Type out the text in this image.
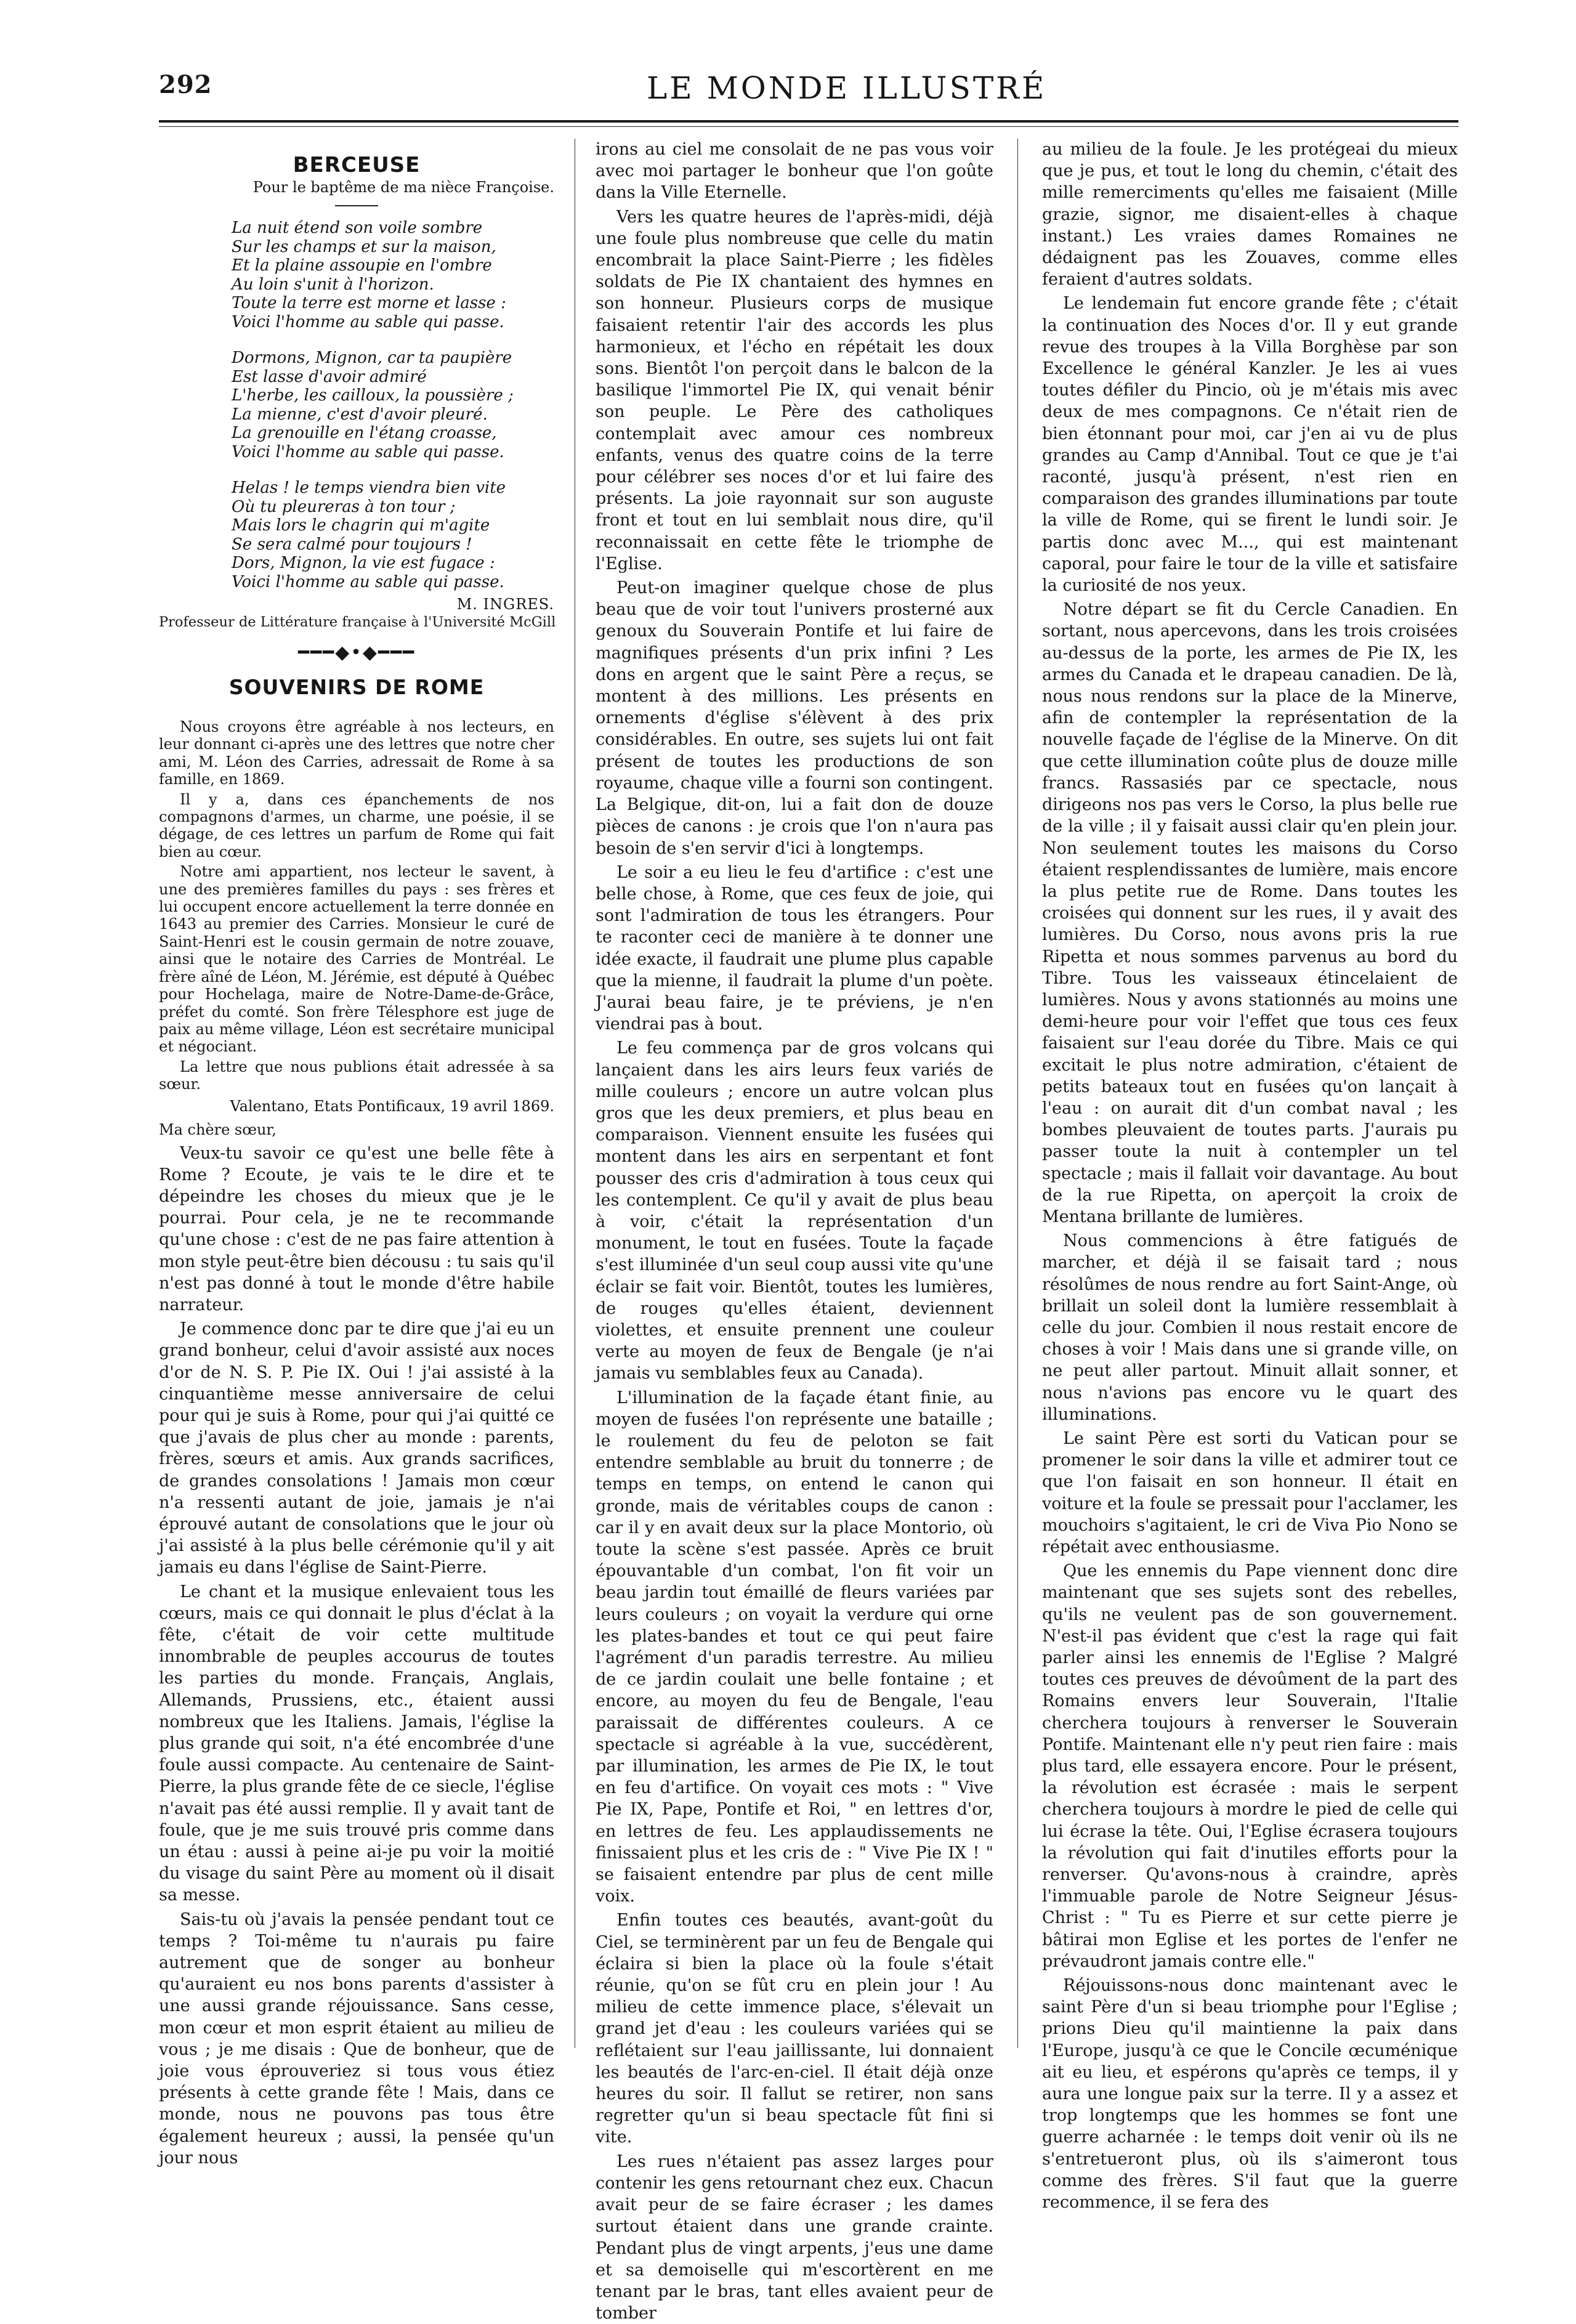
292	LE MONDE ILLUSTRÉ
BERCEUSE
Pour le baptême de ma nièce Françoise.
La nuit étend son voile sombre
Sur les champs et sur la maison,
Et la plaine assoupie en l'ombre
Au loin s'unit à l'horizon.
Toute la terre est morne et lasse :
Voici l'homme au sable qui passe.
Dormons, Mignon, car ta paupière
Est lasse d'avoir admiré
L'herbe, les cailloux, la poussière ;
La mienne, c'est d'avoir pleuré.
La grenouille en l'étang croasse,
Voici l'homme au sable qui passe.
Helas ! le temps viendra bien vite
Où tu pleureras à ton tour ;
Mais lors le chagrin qui m'agite
Se sera calmé pour toujours !
Dors, Mignon, la vie est fugace :
Voici l'homme au sable qui passe.
M. INGRES.
Professeur de Littérature française à l'Université McGill
━━━◆•◆━━━
SOUVENIRS DE ROME
Nous croyons être agréable à nos lecteurs, en leur donnant ci-après une des lettres que notre cher ami, M. Léon des Carries, adressait de Rome à sa famille, en 1869.
Il y a, dans ces épanchements de nos compagnons d'armes, un charme, une poésie, il se dégage, de ces lettres un parfum de Rome qui fait bien au cœur.
Notre ami appartient, nos lecteur le savent, à une des premières familles du pays : ses frères et lui occupent encore actuellement la terre donnée en 1643 au premier des Carries. Monsieur le curé de Saint-Henri est le cousin germain de notre zouave, ainsi que le notaire des Carries de Montréal. Le frère aîné de Léon, M. Jérémie, est député à Québec pour Hochelaga, maire de Notre-Dame-de-Grâce, préfet du comté. Son frère Télesphore est juge de paix au même village, Léon est secrétaire municipal et négociant.
La lettre que nous publions était adressée à sa sœur.
Valentano, Etats Pontificaux, 19 avril 1869.
Ma chère sœur,
Veux-tu savoir ce qu'est une belle fête à Rome ? Ecoute, je vais te le dire et te dépeindre les choses du mieux que je le pourrai. Pour cela, je ne te recommande qu'une chose : c'est de ne pas faire attention à mon style peut-être bien décousu : tu sais qu'il n'est pas donné à tout le monde d'être habile narrateur.
Je commence donc par te dire que j'ai eu un grand bonheur, celui d'avoir assisté aux noces d'or de N. S. P. Pie IX. Oui ! j'ai assisté à la cinquantième messe anniversaire de celui pour qui je suis à Rome, pour qui j'ai quitté ce que j'avais de plus cher au monde : parents, frères, sœurs et amis. Aux grands sacrifices, de grandes consolations ! Jamais mon cœur n'a ressenti autant de joie, jamais je n'ai éprouvé autant de consolations que le jour où j'ai assisté à la plus belle cérémonie qu'il y ait jamais eu dans l'église de Saint-Pierre.
Le chant et la musique enlevaient tous les cœurs, mais ce qui donnait le plus d'éclat à la fête, c'était de voir cette multitude innombrable de peuples accourus de toutes les parties du monde. Français, Anglais, Allemands, Prussiens, etc., étaient aussi nombreux que les Italiens. Jamais, l'église la plus grande qui soit, n'a été encombrée d'une foule aussi compacte. Au centenaire de Saint-Pierre, la plus grande fête de ce siecle, l'église n'avait pas été aussi remplie. Il y avait tant de foule, que je me suis trouvé pris comme dans un étau : aussi à peine ai-je pu voir la moitié du visage du saint Père au moment où il disait sa messe.
Sais-tu où j'avais la pensée pendant tout ce temps ? Toi-même tu n'aurais pu faire autrement que de songer au bonheur qu'auraient eu nos bons parents d'assister à une aussi grande réjouissance. Sans cesse, mon cœur et mon esprit étaient au milieu de vous ; je me disais : Que de bonheur, que de joie vous éprouveriez si tous vous étiez présents à cette grande fête ! Mais, dans ce monde, nous ne pouvons pas tous être également heureux ; aussi, la pensée qu'un jour nous
irons au ciel me consolait de ne pas vous voir avec moi partager le bonheur que l'on goûte dans la Ville Eternelle.
Vers les quatre heures de l'après-midi, déjà une foule plus nombreuse que celle du matin encombrait la place Saint-Pierre ; les fidèles soldats de Pie IX chantaient des hymnes en son honneur. Plusieurs corps de musique faisaient retentir l'air des accords les plus harmonieux, et l'écho en répétait les doux sons. Bientôt l'on perçoit dans le balcon de la basilique l'immortel Pie IX, qui venait bénir son peuple. Le Père des catholiques contemplait avec amour ces nombreux enfants, venus des quatre coins de la terre pour célébrer ses noces d'or et lui faire des présents. La joie rayonnait sur son auguste front et tout en lui semblait nous dire, qu'il reconnaissait en cette fête le triomphe de l'Eglise.
Peut-on imaginer quelque chose de plus beau que de voir tout l'univers prosterné aux genoux du Souverain Pontife et lui faire de magnifiques présents d'un prix infini ? Les dons en argent que le saint Père a reçus, se montent à des millions. Les présents en ornements d'église s'élèvent à des prix considérables. En outre, ses sujets lui ont fait présent de toutes les productions de son royaume, chaque ville a fourni son contingent. La Belgique, dit-on, lui a fait don de douze pièces de canons : je crois que l'on n'aura pas besoin de s'en servir d'ici à longtemps.
Le soir a eu lieu le feu d'artifice : c'est une belle chose, à Rome, que ces feux de joie, qui sont l'admiration de tous les étrangers. Pour te raconter ceci de manière à te donner une idée exacte, il faudrait une plume plus capable que la mienne, il faudrait la plume d'un poète. J'aurai beau faire, je te préviens, je n'en viendrai pas à bout.
Le feu commença par de gros volcans qui lançaient dans les airs leurs feux variés de mille couleurs ; encore un autre volcan plus gros que les deux premiers, et plus beau en comparaison. Viennent ensuite les fusées qui montent dans les airs en serpentant et font pousser des cris d'admiration à tous ceux qui les contemplent. Ce qu'il y avait de plus beau à voir, c'était la représentation d'un monument, le tout en fusées. Toute la façade s'est illuminée d'un seul coup aussi vite qu'une éclair se fait voir. Bientôt, toutes les lumières, de rouges qu'elles étaient, deviennent violettes, et ensuite prennent une couleur verte au moyen de feux de Bengale (je n'ai jamais vu semblables feux au Canada).
L'illumination de la façade étant finie, au moyen de fusées l'on représente une bataille ; le roulement du feu de peloton se fait entendre semblable au bruit du tonnerre ; de temps en temps, on entend le canon qui gronde, mais de véritables coups de canon : car il y en avait deux sur la place Montorio, où toute la scène s'est passée. Après ce bruit épouvantable d'un combat, l'on fit voir un beau jardin tout émaillé de fleurs variées par leurs couleurs ; on voyait la verdure qui orne les plates-bandes et tout ce qui peut faire l'agrément d'un paradis terrestre. Au milieu de ce jardin coulait une belle fontaine ; et encore, au moyen du feu de Bengale, l'eau paraissait de différentes couleurs. A ce spectacle si agréable à la vue, succédèrent, par illumination, les armes de Pie IX, le tout en feu d'artifice. On voyait ces mots : " Vive Pie IX, Pape, Pontife et Roi, " en lettres d'or, en lettres de feu. Les applaudissements ne finissaient plus et les cris de : " Vive Pie IX ! " se faisaient entendre par plus de cent mille voix.
Enfin toutes ces beautés, avant-goût du Ciel, se terminèrent par un feu de Bengale qui éclaira si bien la place où la foule s'était réunie, qu'on se fût cru en plein jour ! Au milieu de cette immence place, s'élevait un grand jet d'eau : les couleurs variées qui se reflétaient sur l'eau jaillissante, lui donnaient les beautés de l'arc-en-ciel. Il était déjà onze heures du soir. Il fallut se retirer, non sans regretter qu'un si beau spectacle fût fini si vite.
Les rues n'étaient pas assez larges pour contenir les gens retournant chez eux. Chacun avait peur de se faire écraser ; les dames surtout étaient dans une grande crainte. Pendant plus de vingt arpents, j'eus une dame et sa demoiselle qui m'escortèrent en me tenant par le bras, tant elles avaient peur de tomber
au milieu de la foule. Je les protégeai du mieux que je pus, et tout le long du chemin, c'était des mille remerciments qu'elles me faisaient (Mille grazie, signor, me disaient-elles à chaque instant.) Les vraies dames Romaines ne dédaignent pas les Zouaves, comme elles feraient d'autres soldats.
Le lendemain fut encore grande fête ; c'était la continuation des Noces d'or. Il y eut grande revue des troupes à la Villa Borghèse par son Excellence le général Kanzler. Je les ai vues toutes défiler du Pincio, où je m'étais mis avec deux de mes compagnons. Ce n'était rien de bien étonnant pour moi, car j'en ai vu de plus grandes au Camp d'Annibal. Tout ce que je t'ai raconté, jusqu'à présent, n'est rien en comparaison des grandes illuminations par toute la ville de Rome, qui se firent le lundi soir. Je partis donc avec M..., qui est maintenant caporal, pour faire le tour de la ville et satisfaire la curiosité de nos yeux.
Notre départ se fit du Cercle Canadien. En sortant, nous apercevons, dans les trois croisées au-dessus de la porte, les armes de Pie IX, les armes du Canada et le drapeau canadien. De là, nous nous rendons sur la place de la Minerve, afin de contempler la représentation de la nouvelle façade de l'église de la Minerve. On dit que cette illumination coûte plus de douze mille francs. Rassasiés par ce spectacle, nous dirigeons nos pas vers le Corso, la plus belle rue de la ville ; il y faisait aussi clair qu'en plein jour. Non seulement toutes les maisons du Corso étaient resplendissantes de lumière, mais encore la plus petite rue de Rome. Dans toutes les croisées qui donnent sur les rues, il y avait des lumières. Du Corso, nous avons pris la rue Ripetta et nous sommes parvenus au bord du Tibre. Tous les vaisseaux étincelaient de lumières. Nous y avons stationnés au moins une demi-heure pour voir l'effet que tous ces feux faisaient sur l'eau dorée du Tibre. Mais ce qui excitait le plus notre admiration, c'étaient de petits bateaux tout en fusées qu'on lançait à l'eau : on aurait dit d'un combat naval ; les bombes pleuvaient de toutes parts. J'aurais pu passer toute la nuit à contempler un tel spectacle ; mais il fallait voir davantage. Au bout de la rue Ripetta, on aperçoit la croix de Mentana brillante de lumières.
Nous commencions à être fatigués de marcher, et déjà il se faisait tard ; nous résolûmes de nous rendre au fort Saint-Ange, où brillait un soleil dont la lumière ressemblait à celle du jour. Combien il nous restait encore de choses à voir ! Mais dans une si grande ville, on ne peut aller partout. Minuit allait sonner, et nous n'avions pas encore vu le quart des illuminations.
Le saint Père est sorti du Vatican pour se promener le soir dans la ville et admirer tout ce que l'on faisait en son honneur. Il était en voiture et la foule se pressait pour l'acclamer, les mouchoirs s'agitaient, le cri de Viva Pio Nono se répétait avec enthousiasme.
Que les ennemis du Pape viennent donc dire maintenant que ses sujets sont des rebelles, qu'ils ne veulent pas de son gouvernement. N'est-il pas évident que c'est la rage qui fait parler ainsi les ennemis de l'Eglise ? Malgré toutes ces preuves de dévoûment de la part des Romains envers leur Souverain, l'Italie cherchera toujours à renverser le Souverain Pontife. Maintenant elle n'y peut rien faire : mais plus tard, elle essayera encore. Pour le présent, la révolution est écrasée : mais le serpent cherchera toujours à mordre le pied de celle qui lui écrase la tête. Oui, l'Eglise écrasera toujours la révolution qui fait d'inutiles efforts pour la renverser. Qu'avons-nous à craindre, après l'immuable parole de Notre Seigneur Jésus-Christ : " Tu es Pierre et sur cette pierre je bâtirai mon Eglise et les portes de l'enfer ne prévaudront jamais contre elle."
Réjouissons-nous donc maintenant avec le saint Père d'un si beau triomphe pour l'Eglise ; prions Dieu qu'il maintienne la paix dans l'Europe, jusqu'à ce que le Concile œcuménique ait eu lieu, et espérons qu'après ce temps, il y aura une longue paix sur la terre. Il y a assez et trop longtemps que les hommes se font une guerre acharnée : le temps doit venir où ils ne s'entretueront plus, où ils s'aimeront tous comme des frères. S'il faut que la guerre recommence, il se fera des
